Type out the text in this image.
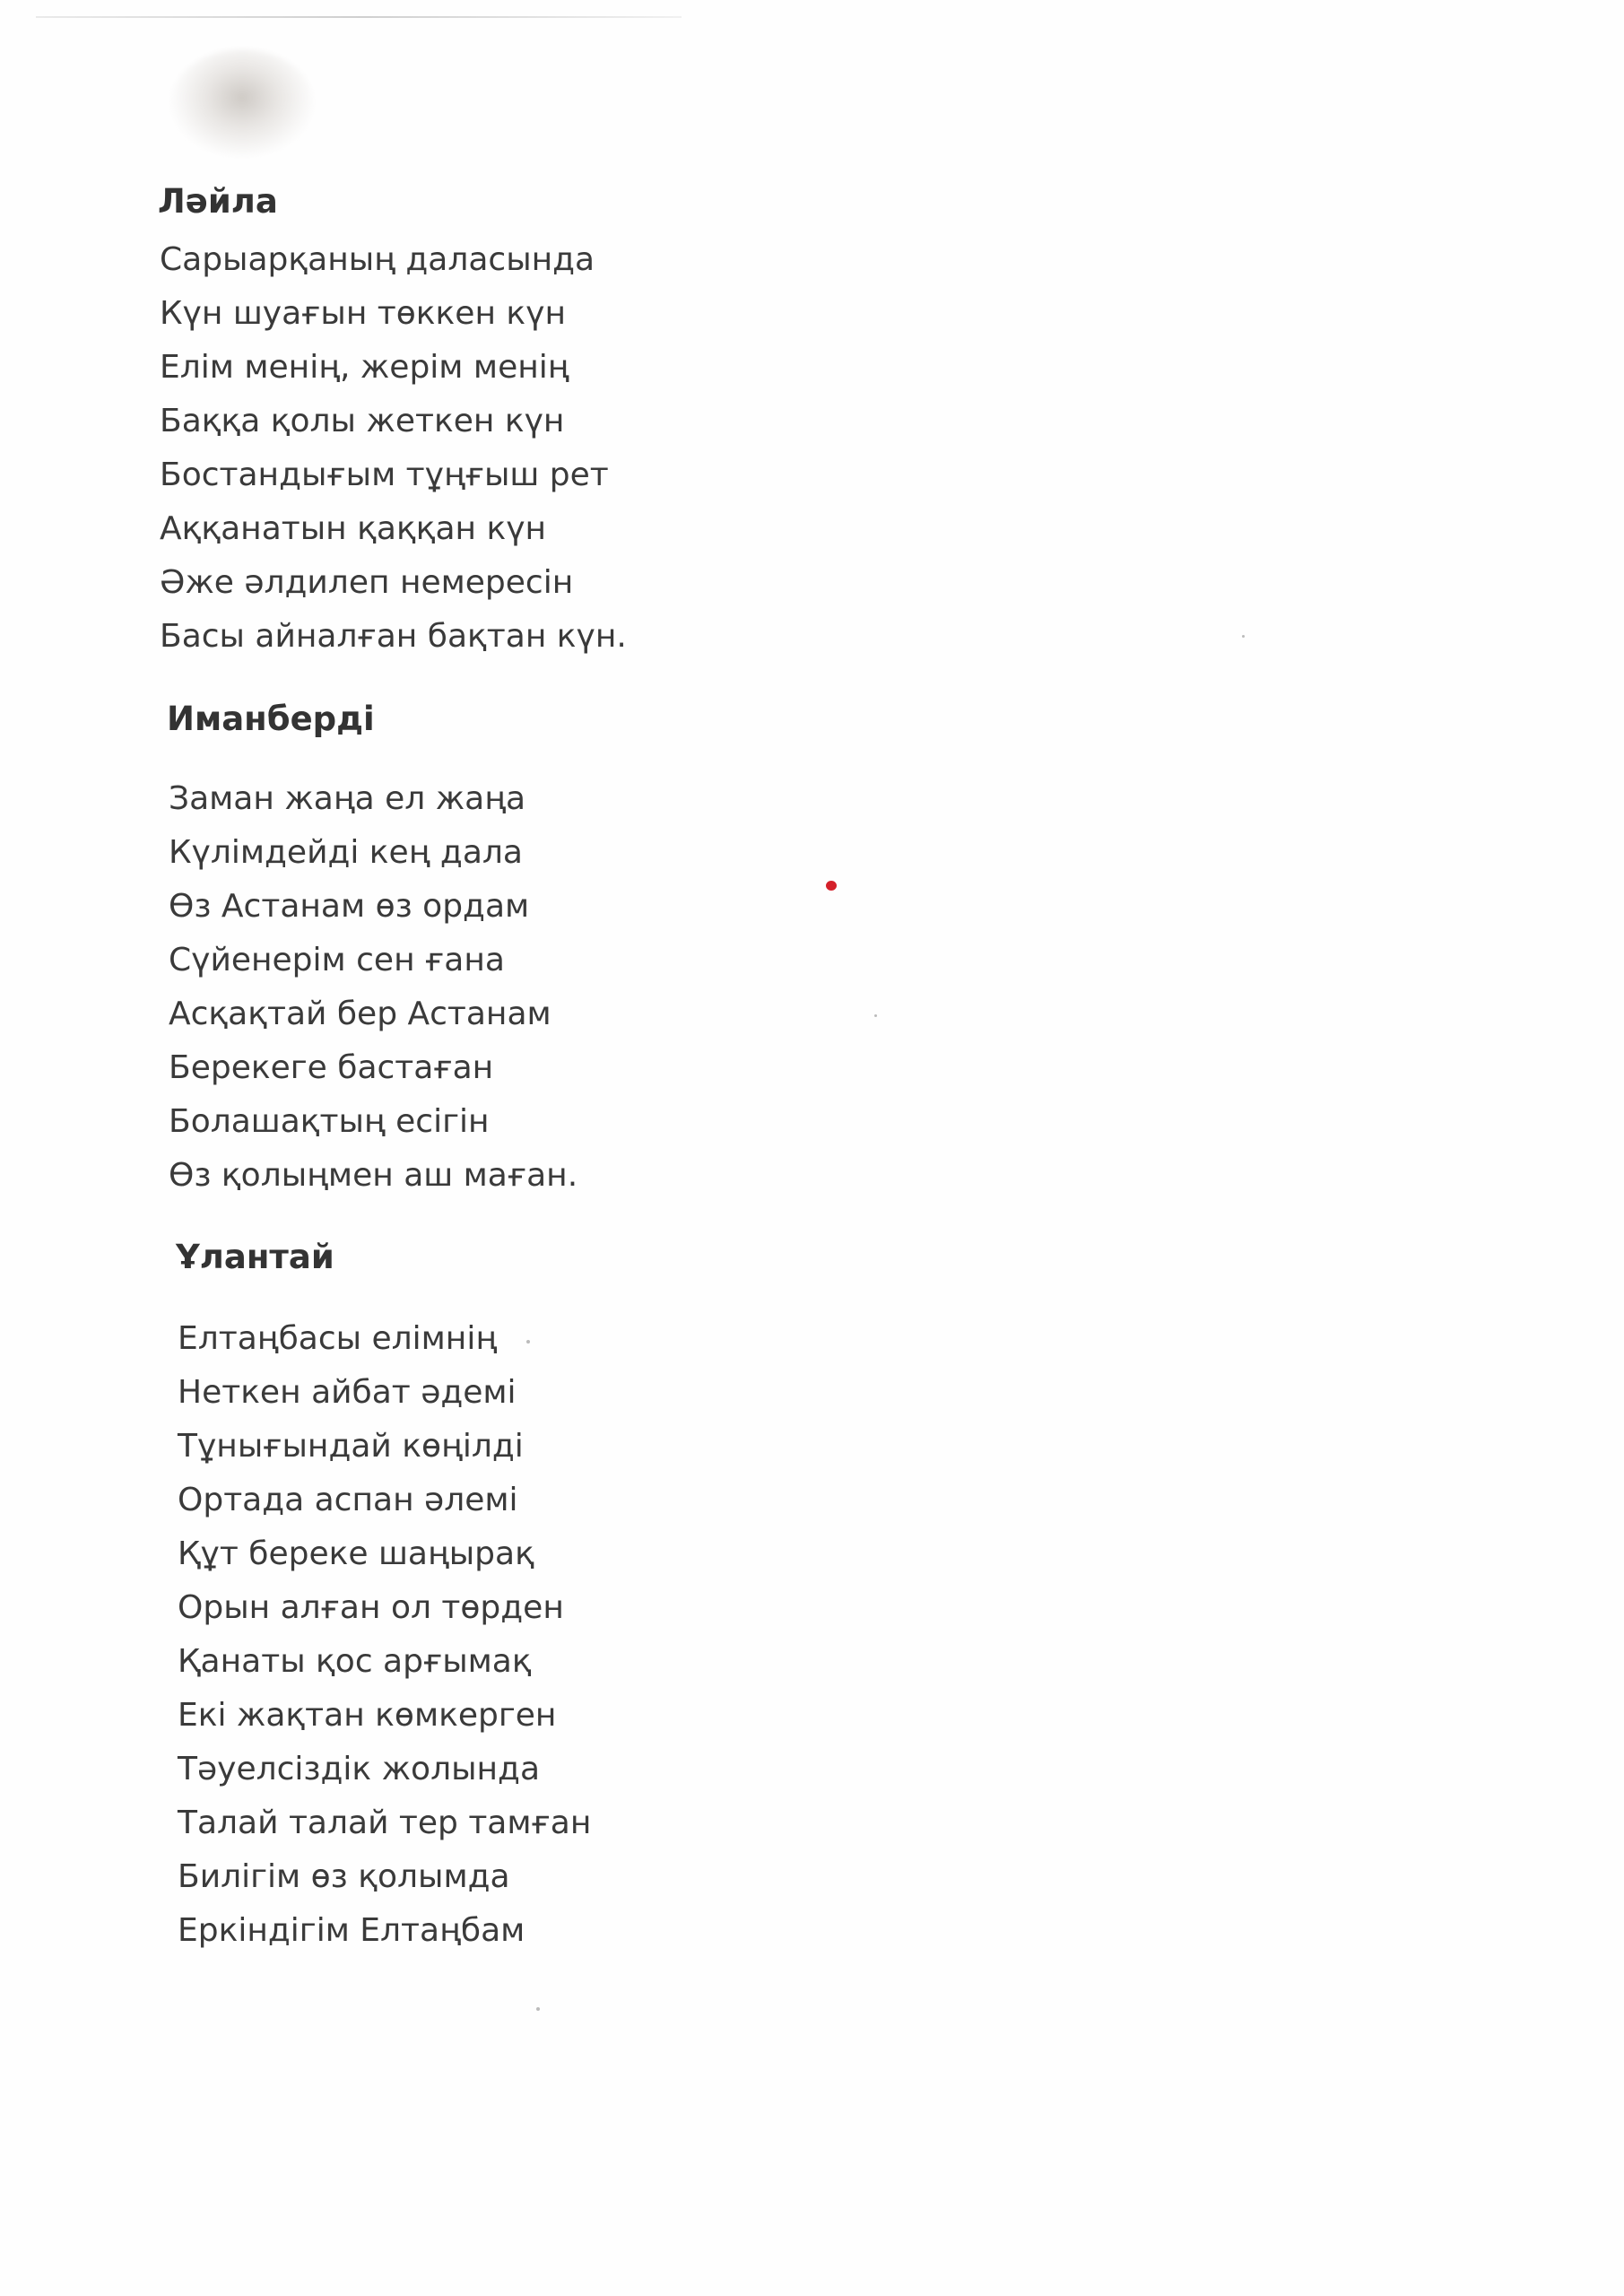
Ләйла
Сарыарқаның даласында
Күн шуағын төккен күн
Елім менің, жерім менің
Баққа қолы жеткен күн
Бостандығым тұңғыш рет
Аққанатын қаққан күн
Әже әлдилеп немересін
Басы айналған бақтан күн.
Иманберді
Заман жаңа ел жаңа
Күлімдейді кең дала
Өз Астанам өз ордам
Сүйенерім сен ғана
Асқақтай бер Астанам
Берекеге бастаған
Болашақтың есігін
Өз қолыңмен аш маған.
Ұлантай
Елтаңбасы елімнің
Неткен айбат әдемі
Тұнығындай көңілді
Ортада аспан әлемі
Құт береке шаңырақ
Орын алған ол төрден
Қанаты қос арғымақ
Екі жақтан көмкерген
Тәуелсіздік жолында
Талай талай тер тамған
Билігім өз қолымда
Еркіндігім Елтаңбам
